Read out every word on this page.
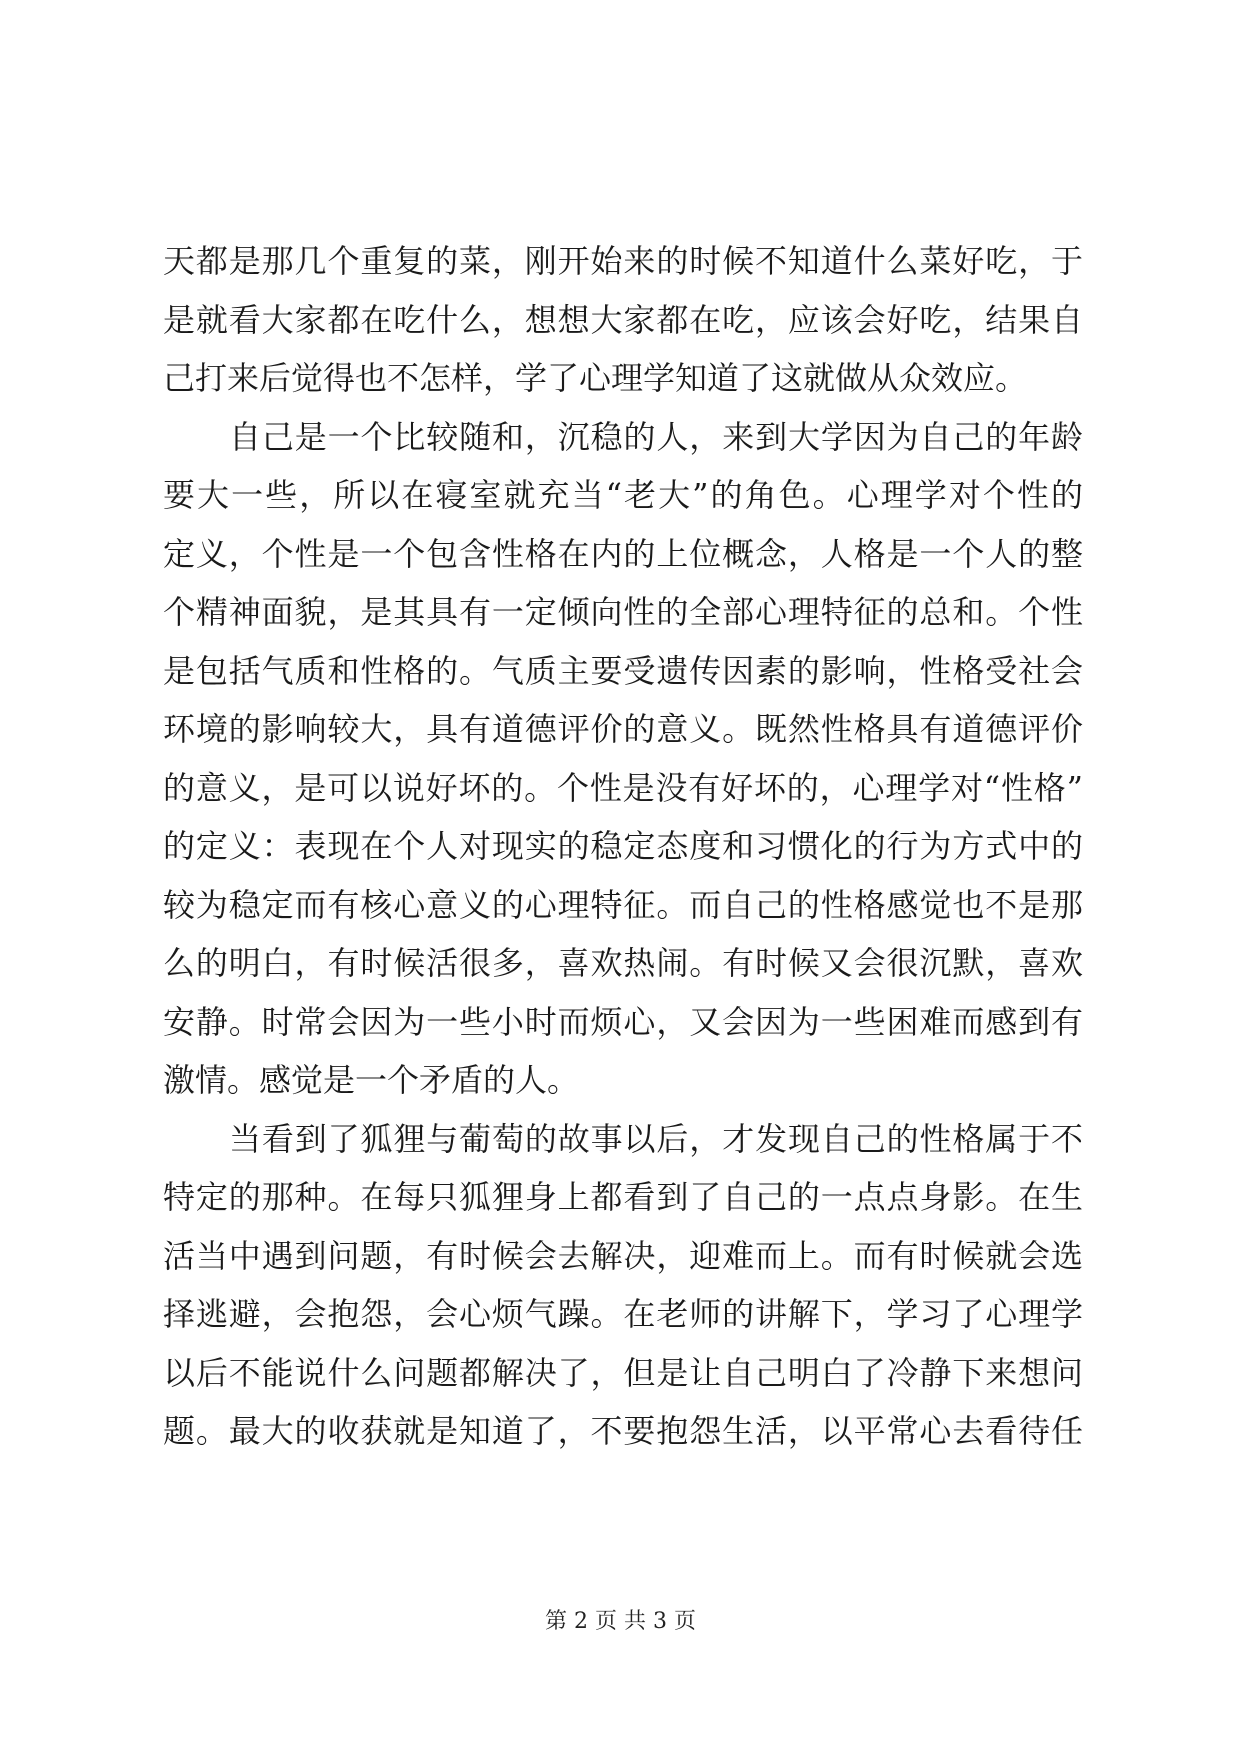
天都是那几个重复的菜，刚开始来的时候不知道什么菜好吃，于
是就看大家都在吃什么，想想大家都在吃，应该会好吃，结果自
己打来后觉得也不怎样，学了心理学知道了这就做从众效应。
自己是一个比较随和，沉稳的人，来到大学因为自己的年龄
要大一些，所以在寝室就充当“老大”的角色。心理学对个性的
定义，个性是一个包含性格在内的上位概念，人格是一个人的整
个精神面貌，是其具有一定倾向性的全部心理特征的总和。个性
是包括气质和性格的。气质主要受遗传因素的影响，性格受社会
环境的影响较大，具有道德评价的意义。既然性格具有道德评价
的意义，是可以说好坏的。个性是没有好坏的，心理学对“性格”
的定义：表现在个人对现实的稳定态度和习惯化的行为方式中的
较为稳定而有核心意义的心理特征。而自己的性格感觉也不是那
么的明白，有时候活很多，喜欢热闹。有时候又会很沉默，喜欢
安静。时常会因为一些小时而烦心，又会因为一些困难而感到有
激情。感觉是一个矛盾的人。
当看到了狐狸与葡萄的故事以后，才发现自己的性格属于不
特定的那种。在每只狐狸身上都看到了自己的一点点身影。在生
活当中遇到问题，有时候会去解决，迎难而上。而有时候就会选
择逃避，会抱怨，会心烦气躁。在老师的讲解下，学习了心理学
以后不能说什么问题都解决了，但是让自己明白了冷静下来想问
题。最大的收获就是知道了，不要抱怨生活，以平常心去看待任
第 2 页 共 3 页
